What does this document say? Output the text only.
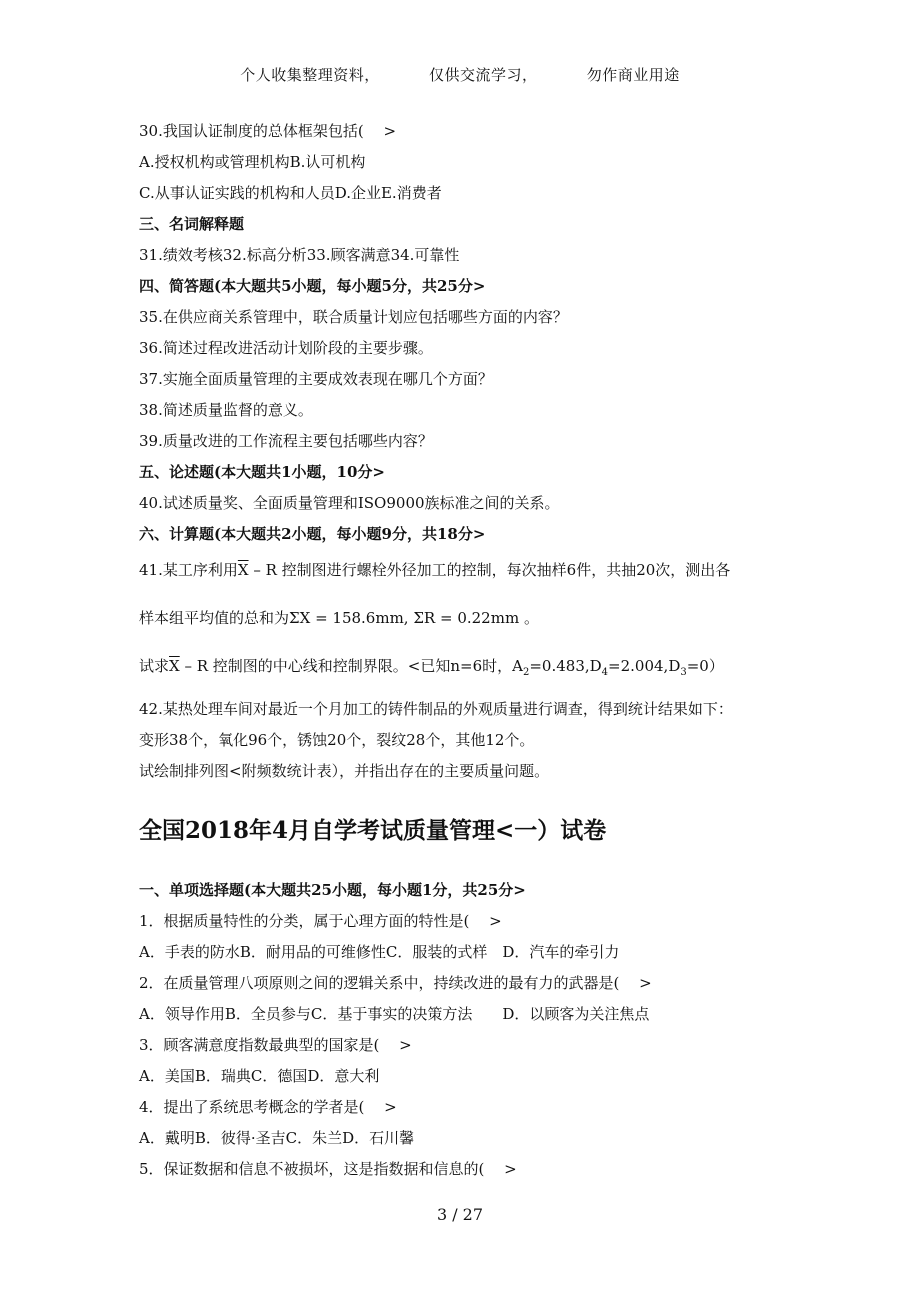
个人收集整理资料，	仅供交流学习，	勿作商业用途
30.我国认证制度的总体框架包括(　 >
A.授权机构或管理机构B.认可机构
C.从事认证实践的机构和人员D.企业E.消费者
三、名词解释题
31.绩效考核32.标高分析33.顾客满意34.可靠性
四、简答题(本大题共5小题，每小题5分，共25分>
35.在供应商关系管理中，联合质量计划应包括哪些方面的内容？
36.简述过程改进活动计划阶段的主要步骤。
37.实施全面质量管理的主要成效表现在哪几个方面？
38.简述质量监督的意义。
39.质量改进的工作流程主要包括哪些内容？
五、论述题(本大题共1小题，10分>
40.试述质量奖、全面质量管理和ISO9000族标准之间的关系。
六、计算题(本大题共2小题，每小题9分，共18分>
41.某工序利用$\overline{X}$ – R 控制图进行螺栓外径加工的控制，每次抽样6件，共抽20次，测出各
样本组平均值的总和为ΣX = 158.6mm, ΣR = 0.22mm 。
试求$\overline{X}$ – R 控制图的中心线和控制界限。<已知n=6时，$A_2=0.483,D_4=2.004,D_3=0$）
42.某热处理车间对最近一个月加工的铸件制品的外观质量进行调查，得到统计结果如下：
变形38个，氧化96个，锈蚀20个，裂纹28个，其他12个。
试绘制排列图<附频数统计表），并指出存在的主要质量问题。
全国2018年4月自学考试质量管理<一）试卷
一、单项选择题(本大题共25小题，每小题1分，共25分>
1．根据质量特性的分类，属于心理方面的特性是(　 >
A．手表的防水B．耐用品的可维修性C．服装的式样　D．汽车的牵引力
2．在质量管理八项原则之间的逻辑关系中，持续改进的最有力的武器是(　 >
A．领导作用B．全员参与C．基于事实的决策方法　　D．以顾客为关注焦点
3．顾客满意度指数最典型的国家是(　 >
A．美国B．瑞典C．德国D．意大利
4．提出了系统思考概念的学者是(　 >
A．戴明B．彼得·圣吉C．朱兰D．石川馨
5．保证数据和信息不被损坏，这是指数据和信息的(　 >
3 / 27
